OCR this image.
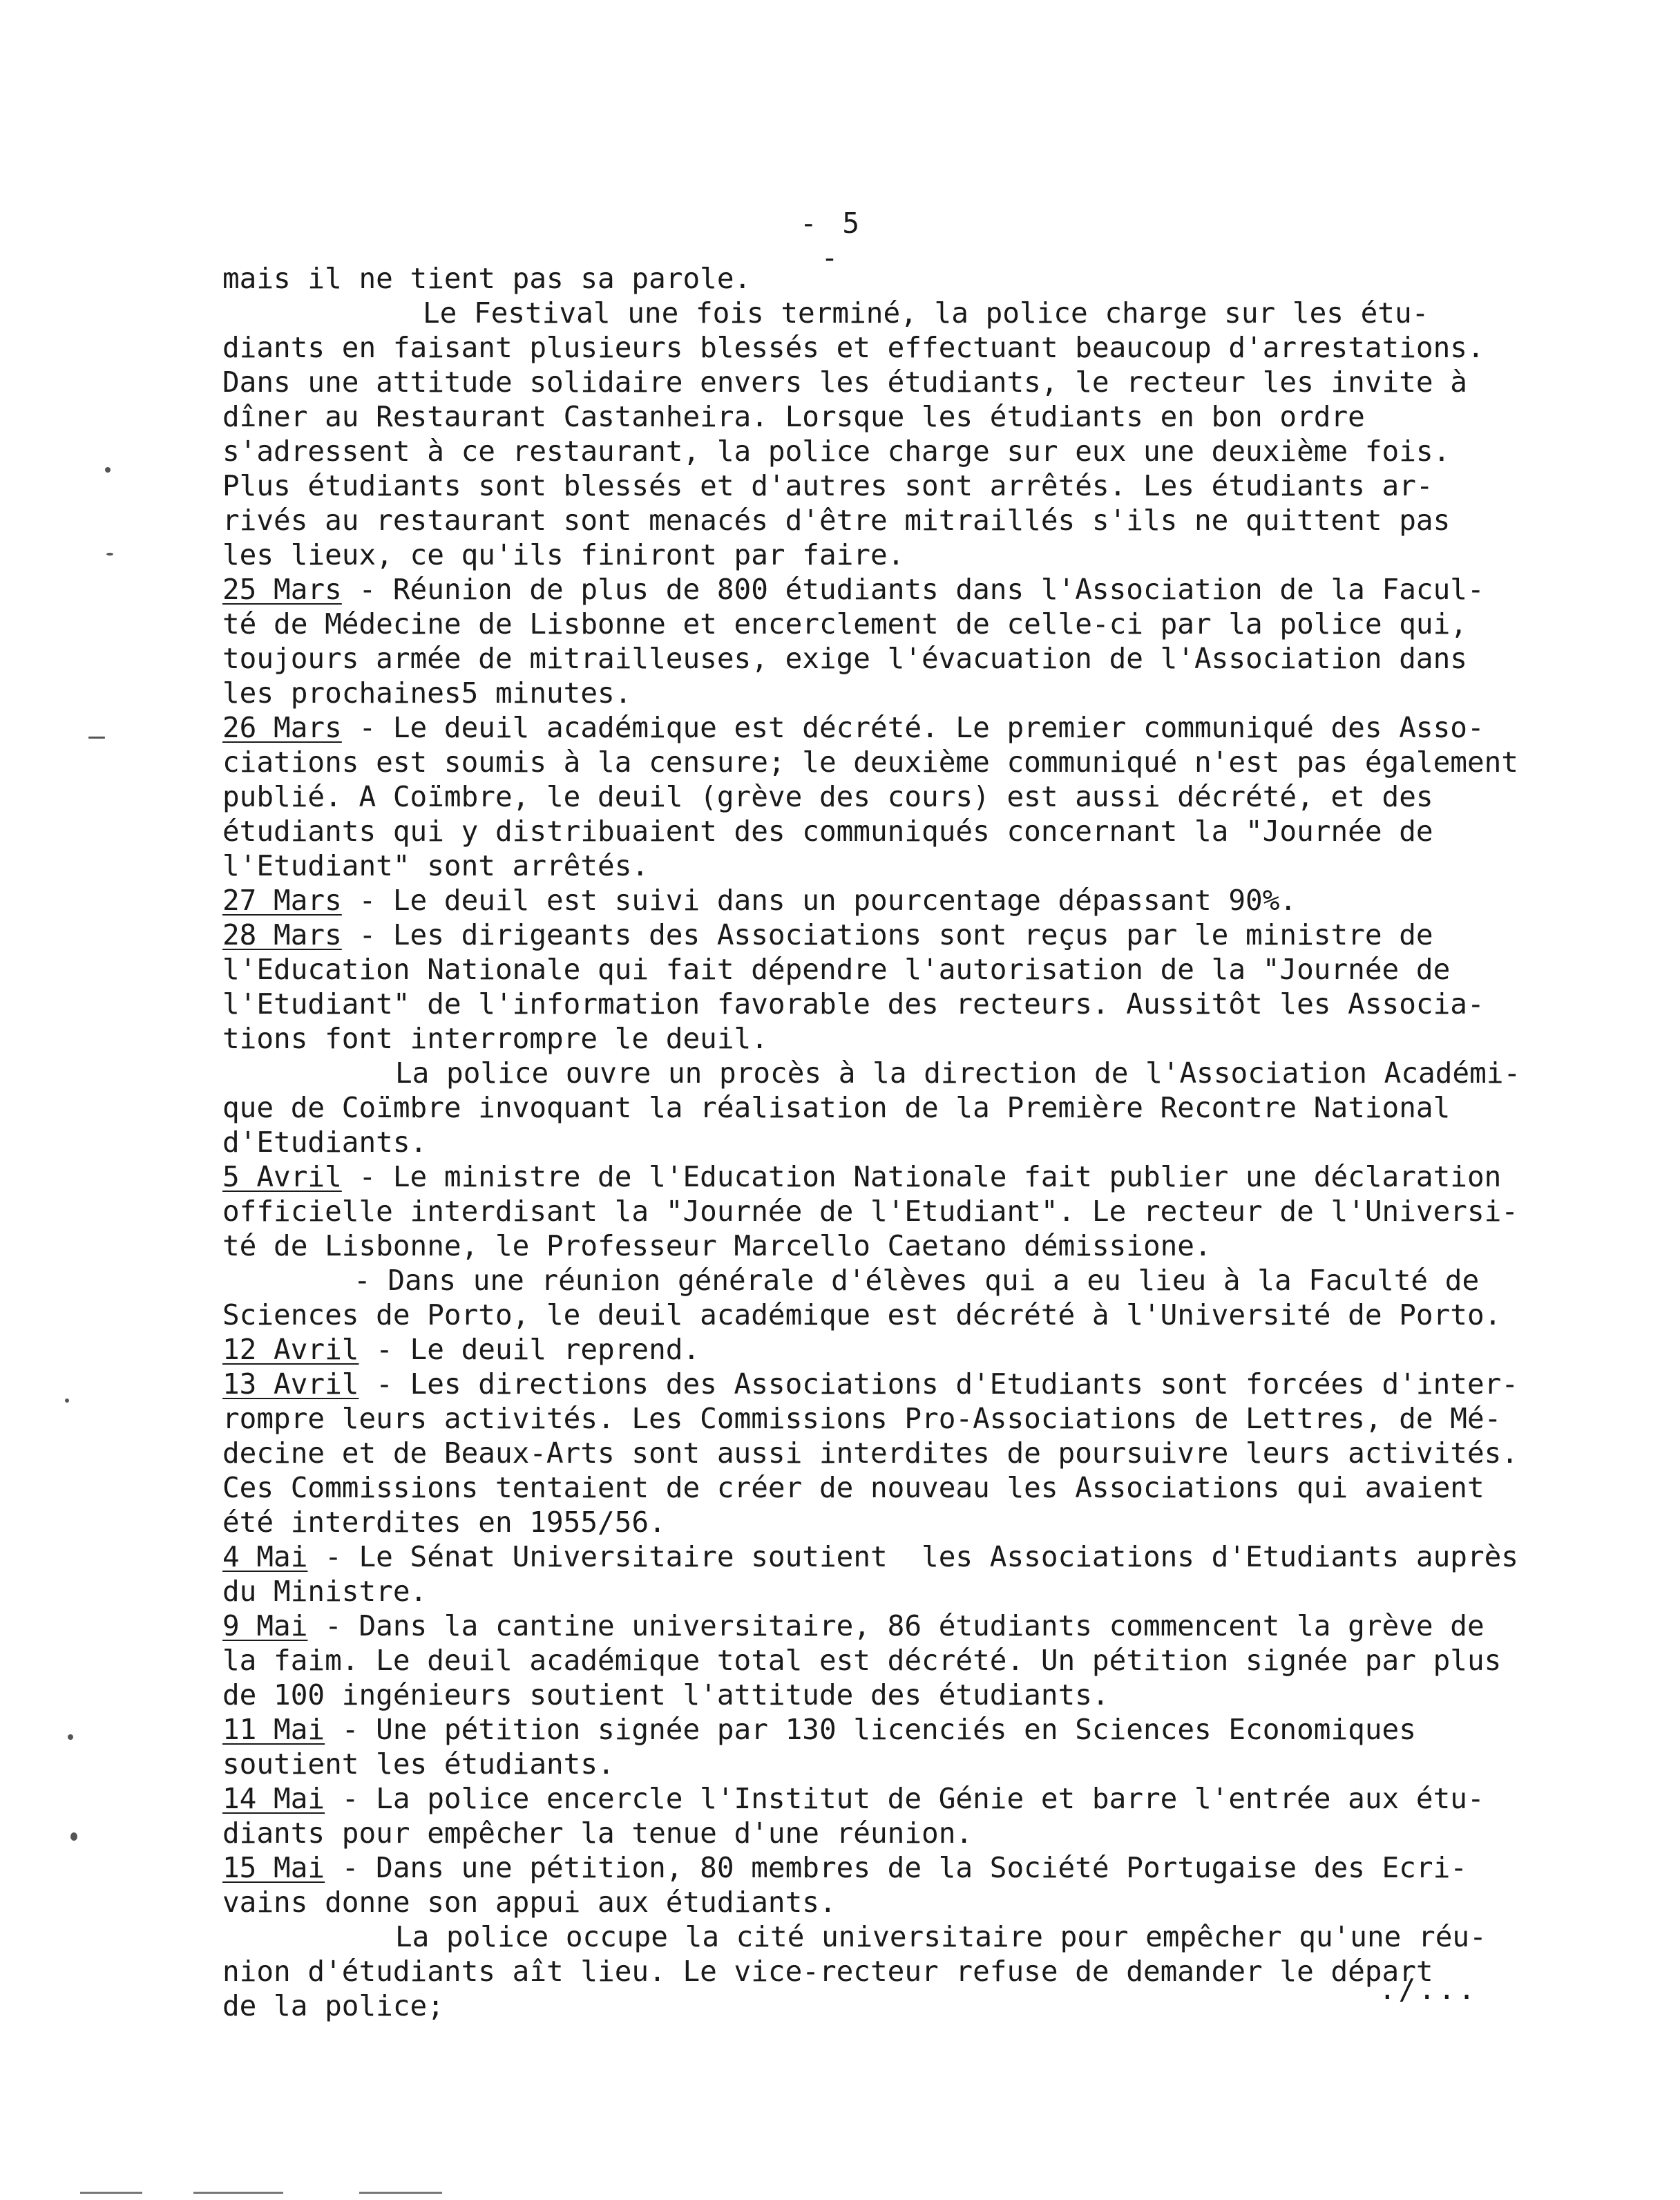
- 5 -
mais il ne tient pas sa parole.
Le Festival une fois terminé, la police charge sur les étu-
diants en faisant plusieurs blessés et effectuant beaucoup d'arrestations.
Dans une attitude solidaire envers les étudiants, le recteur les invite à
dîner au Restaurant Castanheira. Lorsque les étudiants en bon ordre
s'adressent à ce restaurant, la police charge sur eux une deuxième fois.
Plus étudiants sont blessés et d'autres sont arrêtés. Les étudiants ar-
rivés au restaurant sont menacés d'être mitraillés s'ils ne quittent pas
les lieux, ce qu'ils finiront par faire.
25 Mars - Réunion de plus de 800 étudiants dans l'Association de la Facul-
té de Médecine de Lisbonne et encerclement de celle-ci par la police qui,
toujours armée de mitrailleuses, exige l'évacuation de l'Association dans
les prochaines5 minutes.
26 Mars - Le deuil académique est décrété. Le premier communiqué des Asso-
ciations est soumis à la censure; le deuxième communiqué n'est pas également
publié. A Coïmbre, le deuil (grève des cours) est aussi décrété, et des
étudiants qui y distribuaient des communiqués concernant la "Journée de
l'Etudiant" sont arrêtés.
27 Mars - Le deuil est suivi dans un pourcentage dépassant 90%.
28 Mars - Les dirigeants des Associations sont reçus par le ministre de
l'Education Nationale qui fait dépendre l'autorisation de la "Journée de
l'Etudiant" de l'information favorable des recteurs. Aussitôt les Associa-
tions font interrompre le deuil.
La police ouvre un procès à la direction de l'Association Académi-
que de Coïmbre invoquant la réalisation de la Première Recontre National
d'Etudiants.
5 Avril - Le ministre de l'Education Nationale fait publier une déclaration
officielle interdisant la "Journée de l'Etudiant". Le recteur de l'Universi-
té de Lisbonne, le Professeur Marcello Caetano démissione.
- Dans une réunion générale d'élèves qui a eu lieu à la Faculté de
Sciences de Porto, le deuil académique est décrété à l'Université de Porto.
12 Avril - Le deuil reprend.
13 Avril - Les directions des Associations d'Etudiants sont forcées d'inter-
rompre leurs activités. Les Commissions Pro-Associations de Lettres, de Mé-
decine et de Beaux-Arts sont aussi interdites de poursuivre leurs activités.
Ces Commissions tentaient de créer de nouveau les Associations qui avaient
été interdites en 1955/56.
4 Mai - Le Sénat Universitaire soutient  les Associations d'Etudiants auprès
du Ministre.
9 Mai - Dans la cantine universitaire, 86 étudiants commencent la grève de
la faim. Le deuil académique total est décrété. Un pétition signée par plus
de 100 ingénieurs soutient l'attitude des étudiants.
11 Mai - Une pétition signée par 130 licenciés en Sciences Economiques
soutient les étudiants.
14 Mai - La police encercle l'Institut de Génie et barre l'entrée aux étu-
diants pour empêcher la tenue d'une réunion.
15 Mai - Dans une pétition, 80 membres de la Société Portugaise des Ecri-
vains donne son appui aux étudiants.
La police occupe la cité universitaire pour empêcher qu'une réu-
nion d'étudiants aît lieu. Le vice-recteur refuse de demander le départ
de la police;	./...
